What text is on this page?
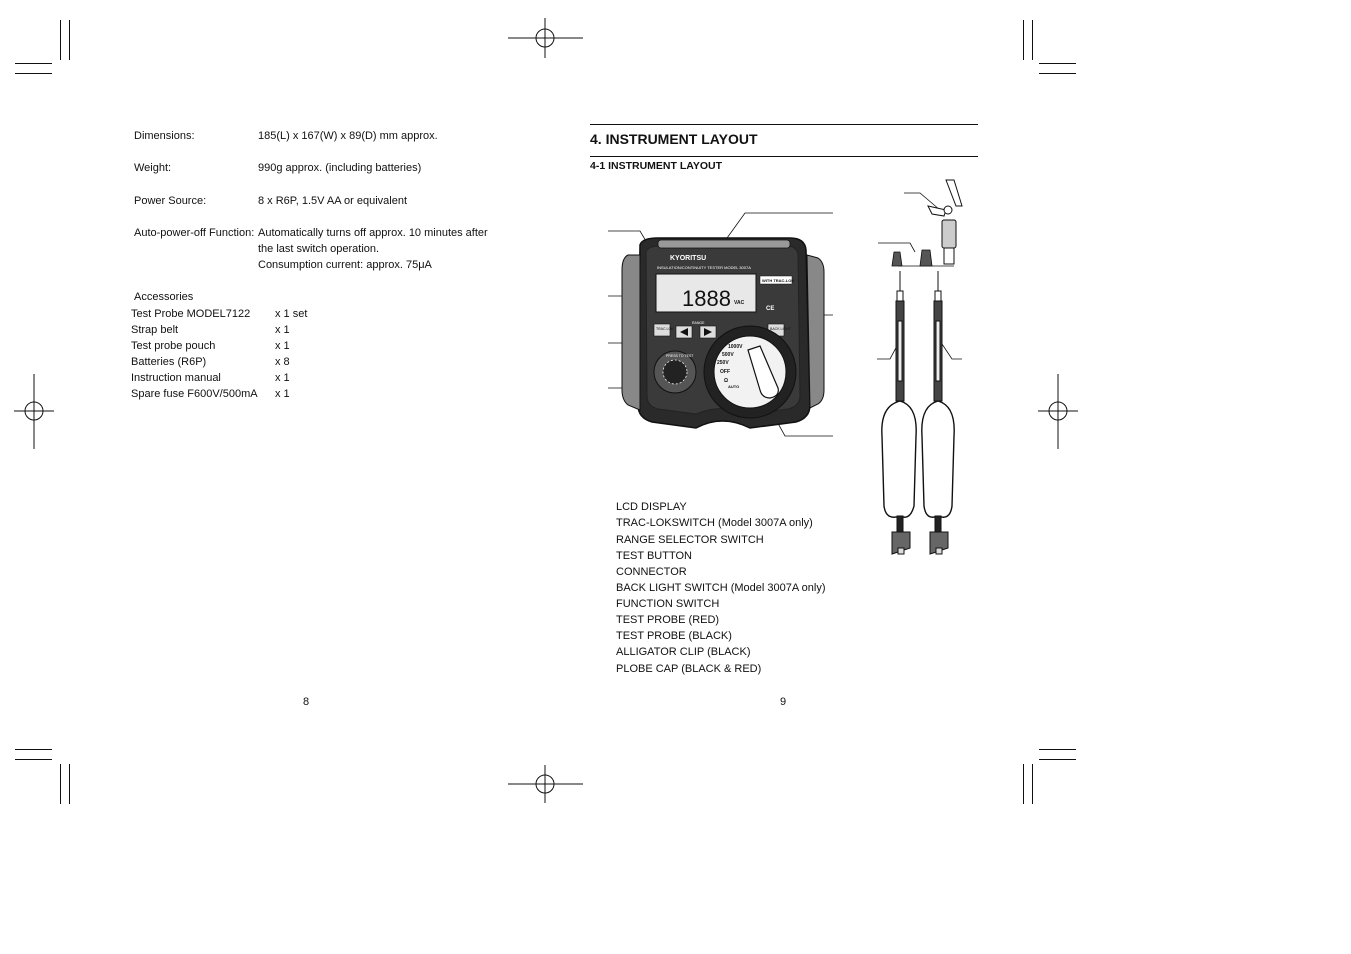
Dimensions:	185(L) x 167(W) x 89(D) mm approx.
Weight:	990g approx. (including batteries)
Power Source:	8 x R6P, 1.5V AA or equivalent
Auto-power-off Function: Automatically turns off approx. 10 minutes after
the last switch operation.
Consumption current: approx. 75μA
Accessories
Test Probe MODEL7122 x 1 set
Strap belt	x 1
Test probe pouch	x 1
Batteries (R6P)	x 8
Instruction manual	x 1
Spare fuse F600V/500mA x 1
8
4. INSTRUMENT LAYOUT
4-1 INSTRUMENT LAYOUT
KYORITSU
INSULATION/CONTINUITY TESTER MODEL 3007A
1888 VAC
WITH TRAC-LOK
CE
TRAC LOK
RANGE
BACK LIGHT
PRESS TO TEST
1000V
500V
250V
OFF
Ω
AUTO
LCD DISPLAY
TRAC-LOKSWITCH (Model 3007A only)
RANGE SELECTOR SWITCH
TEST BUTTON
CONNECTOR
BACK LIGHT SWITCH (Model 3007A only)
FUNCTION SWITCH
TEST PROBE (RED)
TEST PROBE (BLACK)
ALLIGATOR CLIP (BLACK)
PLOBE CAP (BLACK & RED)
9
